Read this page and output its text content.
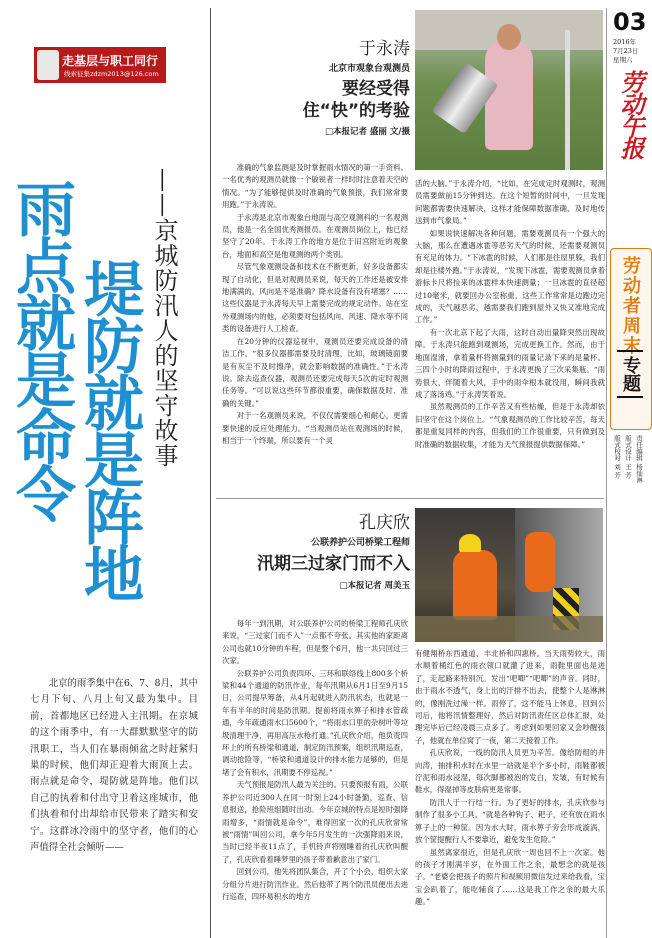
03
2016年
7月23日
星期六
劳动午报
劳动者周末
专题
责任编辑 杨灿淋
版式设计 王 芳
版式校对 刘 芳
走基层与职工同行
线索征集zdzm2013@126.com
雨点就是命令
堤防就是阵地 ——京城防汛人的坚守故事

北京的雨季集中在6、7、8月，其中七月下旬、八月上旬又最为集中。目前，首都地区已经进入主汛期。在京城的这个雨季中，有一大群默默坚守的防汛职工，当人们在暴雨倾盆之时赶紧归巢的时候，他们却正迎着大雨顶上去。雨点就是命令，堤防就是阵地。他们以自己的执着和付出守卫着这座城市，他们执着和付出却给市民带来了踏实和安宁。这群冰冷雨中的坚守者，他们的心声值得全社会倾听——

于永涛
北京市观象台观测员
要经受得住“快”的考验
□本报记者 盛丽 文/摄

准确的气象监测是及时掌握雨水情况的第一手资料。一名优秀的观测员就像一个敏锐者一样时时注意着天空的情况。“为了能够提供及时准确的气象预报，我们常常要用跑。”于永涛说。

于永涛是北京市观象台地面与高空观测科的一名观测员，他是一名全国优秀测报员。在观测员岗位上，他已经坚守了20年。于永涛工作的地方是位于旧宫附近的观象台，地面和高空是他观测的两个类别。

尽管气象观测设备和技术在不断更新，好多设备都实现了自动化，但是对观测员来说，每天的工作还是被安排地满满的。风向是不是准确？降水设备有没有堵塞？……这些仪器是于永涛每天早上需要完成的规定动作。站在室外观测场内的他，必须要对包括风向、风速、降水等不同类的设备进行人工检查。

在20分钟的仪器巡视中，观测员还要完成设备的清洁工作。“很多仪器都需要及时清理，比如，玻璃镜面要是有灰尘不及时擦净，就会影响数据的准确性。”于永涛说。除去巡查仪器，观测员还要完成每天5次的定时观测任务等。“可以说这些环节都很重要，确保数据及时、准确的关键。”

对于一名观测员来说，不仅仅需要细心和耐心，更需要快速的反应处理能力。“当观测员站在观测场的时候，相当于一个终端，所以要有一个灵

活的大脑。”于永涛介绍，“比如，在完成定时观测时，观测员需要做前15分钟到达。在这个短暂的时间中，一旦发现问题都需要快速解决，这样才能保障数据准确、及时地传送到市气象局。”

如果说快速解决各种问题，需要观测员有一个强大的大脑，那么在遭遇冰雹等恶劣天气的时候，还需要观测员有充足的体力。“下冰雹的时候，人们都是往屋里躲，我们却是往楼外跑。”于永涛说，“发现下冰雹，需要观测员拿着游标卡尺将捡来的冰雹样本快速测量；一旦冰雹的直径超过10毫米，就要回办公室称重，这些工作常常是边跑边完成的，天气越恶劣，越需要我们跑到屋外又快又准地完成工作。”

有一次北京下起了大雨，这时自动出量降突然出现故障。于永涛只能跑到观测场，完成更换工作。然而，由于地面湿滑，拿着量杯将测量到的雨量记录下来的是量杯。三四个小时的降雨过程中，于永涛更换了三次采集瓶。“雨势很大，伴随着大风，手中的雨伞根本就没用，瞬间我就成了落汤鸡。”于永涛笑着说。

虽然观测员的工作辛苦又有些枯燥，但是于永涛却依旧坚守在这个岗位上。“气象观测员的工作比较辛苦，每天都是重复同样的内容，但我们的工作很重要，只有做到及时准确的数据收集，才能为天气预报提供数据保障。”

孔庆欣
公联养护公司桥梁工程师
汛期三过家门而不入
□本报记者 周美玉

每年一到汛期，对公联养护公司的桥梁工程师孔庆欣来说，“三过家门而不入”一点都不夸张。其实他的家距离公司也就10分钟的车程，但是整个6月，他一共只回过三次家。

公联养护公司负责四环、三环和联络线上800多个桥梁和44个通道的防汛作业，每年汛期从6月1日至9月15日，公司提早筹备，从4月起就进入防汛状态，也就是一年有半年的时间是防汛期。提前将雨水箅子和排水管疏通，今年疏通雨水口5600个，“将雨水口里的杂树叶等垃圾清理干净，再用高压水枪打通。”孔庆欣介绍，他负责四环上的所有桥梁和通道，制定防汛预案，组织汛期巡查，调动抢险等，“桥梁和通道设计的排水能力是够的，但是堵了会有积水，汛期要不停巡视。”

天气预报是防汛人最为关注的。只要预报有雨，公联养护公司近300人在同一时刻上24小时备勤，巡查、信息报送，抢险班组随时出动。今年京城的特点是短时强降雨增多，“雨情就是命令”，难得回家一次的孔庆欣常常被“雨情”叫回公司，拿今年5月发生的一次强降雨来说，当时已经半夜11点了，手机铃声将刚睡着的孔庆欣叫醒了，孔庆欣看着睡梦里的孩子带着歉意出了家门。

回到公司，他先将团队集合，开了个小会，组织大家分组分片进行防汛作业。然后他带了两个防汛员便出去进行巡查，四环易积水的地方

有健翔桥东西通道、丰北桥和四惠桥。当天雨势较大，雨水顺着桶红色的雨衣领口就灌了进来，雨鞋里面也是进了，走起路来特别沉。发出“吧唧”“吧唧”的声音。同时，由于雨水不透气，身上出的汗排不出去，使整个人是淋淋的，像刚洗过澡一样。雨停了，这不能马上休息，回到公司后，他将汛情整理好，然后对防汛责任区总体汇报，处理完毕后已经凌晨三点多了。考虑到如果回家又会吵醒孩子，他就在单位窝了一夜，第二天接着工作。

孔庆欣说，一线的防汛人员更为辛苦。像给防组的井向涛，抽排积水时在水里一站就是半个多小时，雨鞋都被泞泥和雨水浸湿，每次脚都被泡的发白，发皱，有时候有鞋水，得湿掉等皮肤病更是常事。

防汛人于一行结一行。为了更好的排水，孔庆欣参与制作了很多小工具。“就是各种钩子、耙子，还有放在雨水箅子上的一种筐。因为水大时，雨水箅子旁会形成漩涡，放个筐提醒行人不要靠近，避免发生危险。”

虽然离家很近，但是孔庆欣一周也回不上一次家。他的孩子才刚满半岁，在外面工作之余，最想念的就是孩子。“老婆会把孩子的照片和视频用微信发过来给我看，宝宝会趴着了，能吃辅食了……这是我工作之余的最大乐趣。”
